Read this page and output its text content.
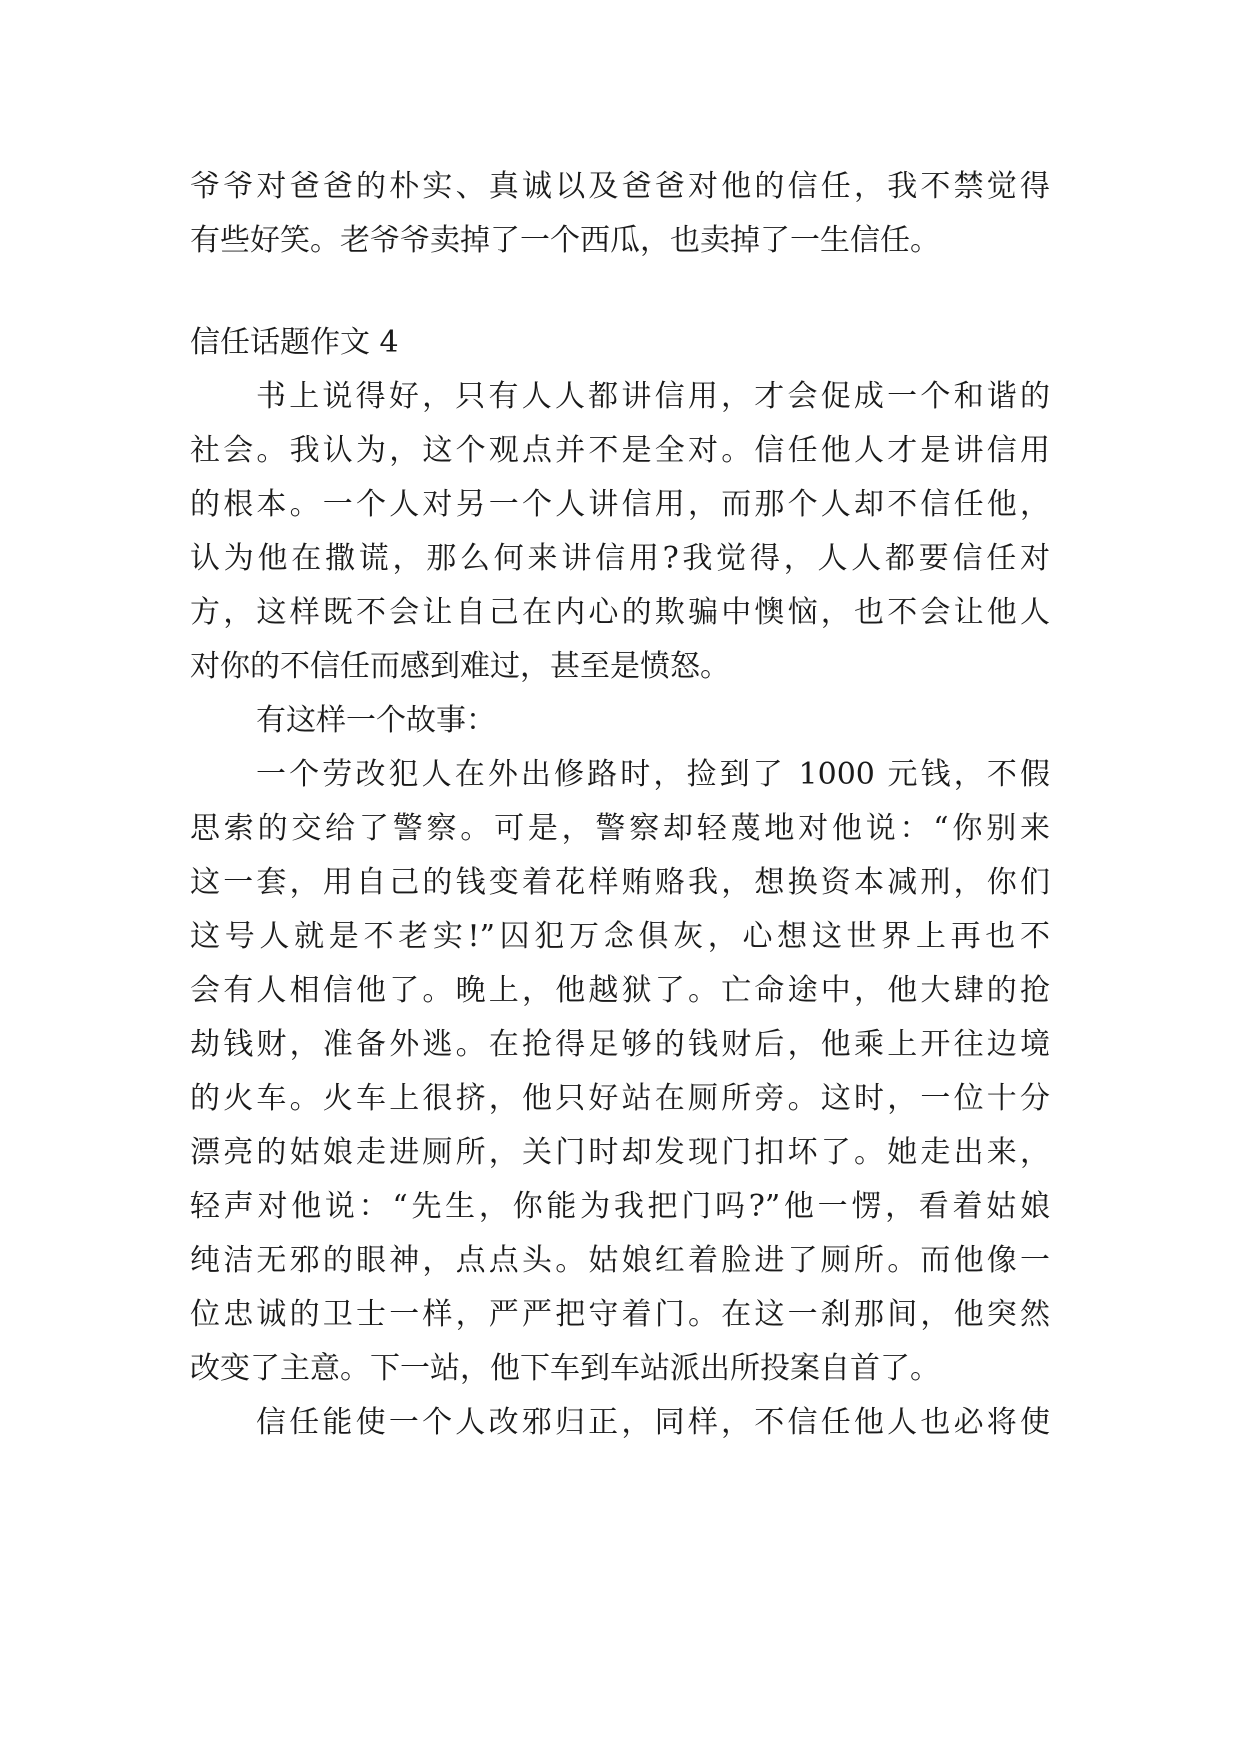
爷爷对爸爸的朴实、真诚以及爸爸对他的信任，我不禁觉得
有些好笑。老爷爷卖掉了一个西瓜，也卖掉了一生信任。
信任话题作文 4
书上说得好，只有人人都讲信用，才会促成一个和谐的
社会。我认为，这个观点并不是全对。信任他人才是讲信用
的根本。一个人对另一个人讲信用，而那个人却不信任他，
认为他在撒谎，那么何来讲信用?我觉得，人人都要信任对
方，这样既不会让自己在内心的欺骗中懊恼，也不会让他人
对你的不信任而感到难过，甚至是愤怒。
有这样一个故事：
一个劳改犯人在外出修路时，捡到了 1000 元钱，不假
思索的交给了警察。可是，警察却轻蔑地对他说：“你别来
这一套，用自己的钱变着花样贿赂我，想换资本减刑，你们
这号人就是不老实!”囚犯万念俱灰，心想这世界上再也不
会有人相信他了。晚上，他越狱了。亡命途中，他大肆的抢
劫钱财，准备外逃。在抢得足够的钱财后，他乘上开往边境
的火车。火车上很挤，他只好站在厕所旁。这时，一位十分
漂亮的姑娘走进厕所，关门时却发现门扣坏了。她走出来，
轻声对他说：“先生，你能为我把门吗?”他一愣，看着姑娘
纯洁无邪的眼神，点点头。姑娘红着脸进了厕所。而他像一
位忠诚的卫士一样，严严把守着门。在这一刹那间，他突然
改变了主意。下一站，他下车到车站派出所投案自首了。
信任能使一个人改邪归正，同样，不信任他人也必将使
